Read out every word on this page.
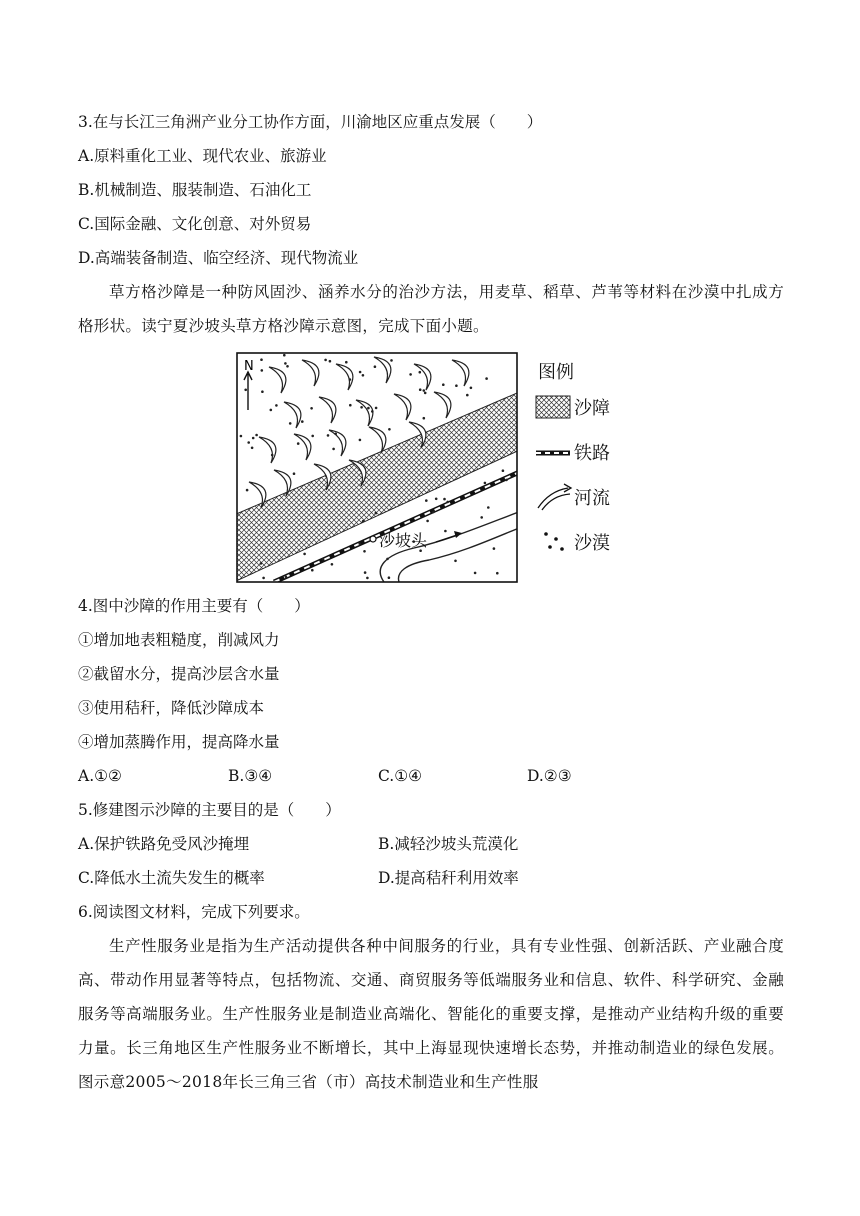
3.在与长江三角洲产业分工协作方面，川渝地区应重点发展（　　）
A.原料重化工业、现代农业、旅游业
B.机械制造、服装制造、石油化工
C.国际金融、文化创意、对外贸易
D.高端装备制造、临空经济、现代物流业
草方格沙障是一种防风固沙、涵养水分的治沙方法，用麦草、稻草、芦苇等材料在沙漠中扎成方格形状。读宁夏沙坡头草方格沙障示意图，完成下面小题。
N
沙坡头
图例
沙障
铁路
河流
沙漠
4.图中沙障的作用主要有（　　）
①增加地表粗糙度，削减风力
②截留水分，提高沙层含水量
③使用秸秆，降低沙障成本
④增加蒸腾作用，提高降水量
A.①②	B.③④	C.①④	D.②③
5.修建图示沙障的主要目的是（　　）
A.保护铁路免受风沙掩埋	B.减轻沙坡头荒漠化
C.降低水土流失发生的概率	D.提高秸秆利用效率
6.阅读图文材料，完成下列要求。
生产性服务业是指为生产活动提供各种中间服务的行业，具有专业性强、创新活跃、产业融合度高、带动作用显著等特点，包括物流、交通、商贸服务等低端服务业和信息、软件、科学研究、金融服务等高端服务业。生产性服务业是制造业高端化、智能化的重要支撑，是推动产业结构升级的重要力量。长三角地区生产性服务业不断增长，其中上海显现快速增长态势，并推动制造业的绿色发展。图示意2005～2018年长三角三省（市）高技术制造业和生产性服
